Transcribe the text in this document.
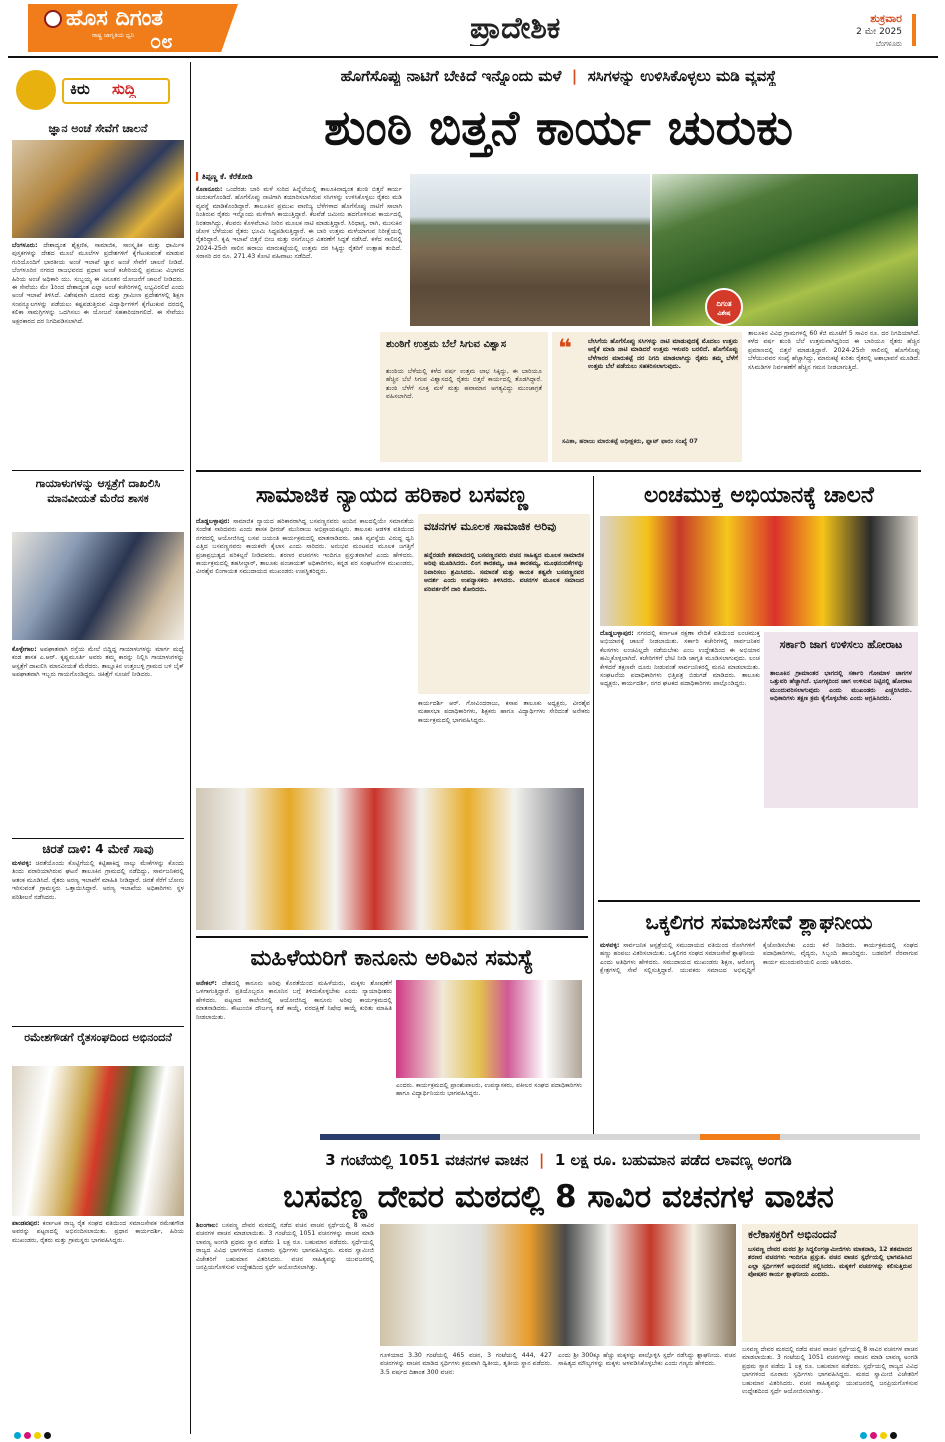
ಹೊಸ ದಿಗಂತ
ರಾಷ್ಟ್ರ ಜಾಗೃತಿಯ ಧ್ವನಿ ೦೮	ಪ್ರಾದೇಶಿಕ	ಶುಕ್ರವಾರ
2 ಮೇ 2025
ಬೆಂಗಳೂರು
ಕಿರು ಸುದ್ದಿ
ಜ್ಞಾನ ಅಂಚೆ ಸೇವೆಗೆ ಚಾಲನೆ
ಬೆಂಗಳೂರು: ದೇಶಾದ್ಯಂತ ಶೈಕ್ಷಣಿಕ, ಸಾಮಾಜಿಕ, ಸಾಂಸ್ಕೃತಿಕ ಮತ್ತು ಧಾರ್ಮಿಕ ಪುಸ್ತಕಗಳನ್ನು ದೇಶದ ಮೂಲೆ ಮೂಲೆಗಳ ಪ್ರದೇಶಗಳಿಗೆ ಕೈಗೆಟುಕುವಂತೆ ಮಾಡುವ ಗುರಿಯೊಂದಿಗೆ ಭಾರತೀಯ ಅಂಚೆ ಇಲಾಖೆ ಜ್ಞಾನ ಅಂಚೆ ಸೇವೆಗೆ ಚಾಲನೆ ನೀಡಿದೆ. ಬೆಂಗಳೂರಿನ ನಗರದ ರಾಜಭವನದ ಪ್ರಧಾನ ಅಂಚೆ ಕಚೇರಿಯಲ್ಲಿ ಪ್ರಮುಖ ವಿಭಾಗದ ಹಿರಿಯ ಅಂಚೆ ಅಧಿಕಾರಿ ಯು. ಸುಬ್ಬಯ್ಯ ಈ ವಿನೂತನ ಯೋಜನೆಗೆ ಚಾಲನೆ ನೀಡಿದರು. ಈ ಸೇವೆಯು ಮೇ 1ರಿಂದ ದೇಶಾದ್ಯಂತ ಎಲ್ಲಾ ಅಂಚೆ ಕಚೇರಿಗಳಲ್ಲಿ ಲಭ್ಯವಿರಲಿದೆ ಎಂದು ಅಂಚೆ ಇಲಾಖೆ ತಿಳಿಸಿದೆ. ವಿಶೇಷವಾಗಿ ದೂರದ ಮತ್ತು ಗ್ರಾಮೀಣ ಪ್ರದೇಶಗಳಲ್ಲಿ ಶಿಕ್ಷಣ ಸಂಪನ್ಮೂಲಗಳನ್ನು ಪಡೆಯಲು ಕಷ್ಟಪಡುತ್ತಿರುವ ವಿದ್ಯಾರ್ಥಿಗಳಿಗೆ ಕೈಗೆಟುಕುವ ದರದಲ್ಲಿ ಕಲಿಕಾ ಸಾಮಗ್ರಿಗಳನ್ನು ಒದಗಿಸಲು ಈ ಯೋಜನೆ ಸಹಕಾರಿಯಾಗಲಿದೆ. ಈ ಸೇವೆಯು ಅಕ್ಷರಕಾರದ ದರ ನಿಗದಿಪಡಿಸಲಾಗಿದೆ.
ಗಾಯಾಳುಗಳನ್ನು ಆಸ್ಪತ್ರೆಗೆ ದಾಖಲಿಸಿ ಮಾನವೀಯತೆ ಮೆರೆದ ಶಾಸಕ
ಕೊಳ್ಳೇಗಾಲ: ಅಪಘಾತವಾಗಿ ರಸ್ತೆಯ ಮೇಲೆ ಬಿದ್ದಿದ್ದ ಗಾಯಾಳುಗಳನ್ನು ಮಾರ್ಗ ಮಧ್ಯೆ ಕಂಡ ಶಾಸಕ ಎ.ಆರ್. ಕೃಷ್ಣಮೂರ್ತಿ ಅವರು ತಮ್ಮ ಕಾರನ್ನು ನಿಲ್ಲಿಸಿ ಗಾಯಾಳುಗಳನ್ನು ಆಸ್ಪತ್ರೆಗೆ ದಾಖಲಿಸಿ ಮಾನವೀಯತೆ ಮೆರೆದರು. ತಾಲ್ಲೂಕಿನ ಉತ್ತಂಬಳ್ಳಿ ಗ್ರಾಮದ ಬಳಿ ಬೈಕ್ ಅಪಘಾತವಾಗಿ ಇಬ್ಬರು ಗಾಯಗೊಂಡಿದ್ದರು. ಚಿಕಿತ್ಸೆಗೆ ಸೂಚನೆ ನೀಡಿದರು.
ಚಿರತೆ ದಾಳಿ: 4 ಮೇಕೆ ಸಾವು
ಮಳವಳ್ಳಿ: ಚಿರತೆಯೊಂದು ಕೊಟ್ಟಿಗೆಯಲ್ಲಿ ಕಟ್ಟಿಹಾಕಿದ್ದ ನಾಲ್ಕು ಮೇಕೆಗಳನ್ನು ಕೊಂದು ತಿಂದು ಪರಾರಿಯಾಗಿರುವ ಘಟನೆ ತಾಲೂಕಿನ ಗ್ರಾಮದಲ್ಲಿ ನಡೆದಿದ್ದು, ಸಾರ್ವಜನಿಕರಲ್ಲಿ ಆತಂಕ ಮೂಡಿಸಿದೆ. ರೈತರು ಅರಣ್ಯ ಇಲಾಖೆಗೆ ಮಾಹಿತಿ ನೀಡಿದ್ದಾರೆ. ಚಿರತೆ ಸೆರೆಗೆ ಬೋನು ಇರಿಸುವಂತೆ ಗ್ರಾಮಸ್ಥರು ಒತ್ತಾಯಿಸಿದ್ದಾರೆ. ಅರಣ್ಯ ಇಲಾಖೆಯ ಅಧಿಕಾರಿಗಳು ಸ್ಥಳ ಪರಿಶೀಲನೆ ನಡೆಸಿದರು.
ರಮೇಶಗೌಡಗೆ ರೈತಸಂಘದಿಂದ ಅಭಿನಂದನೆ
ಪಾಂಡವಪುರ: ಕರ್ನಾಟಕ ರಾಜ್ಯ ರೈತ ಸಂಘದ ವತಿಯಿಂದ ಸಮಾಜಸೇವಕ ರಮೇಶಗೌಡ ಅವರನ್ನು ಪಟ್ಟಣದಲ್ಲಿ ಅಭಿನಂದಿಸಲಾಯಿತು. ಪ್ರಧಾನ ಕಾರ್ಯದರ್ಶಿ, ಹಿರಿಯ ಮುಖಂಡರು, ರೈತರು ಮತ್ತು ಗ್ರಾಮಸ್ಥರು ಭಾಗವಹಿಸಿದ್ದರು.
ಹೊಗೆಸೊಪ್ಪು ನಾಟಿಗೆ ಬೇಕಿದೆ ಇನ್ನೊಂದು ಮಳೆ  |  ಸಸಿಗಳನ್ನು ಉಳಿಸಿಕೊಳ್ಳಲು ಮಡಿ ವ್ಯವಸ್ಥೆ
ಶುಂಠಿ ಬಿತ್ತನೆ ಕಾರ್ಯ ಚುರುಕು
▍ತಿಪ್ಪಣ್ಣ ಕೆ. ಕೆರೆಕೋಡಿ
ಕೊಣನೂರು: ಒಂದೆರಡು ಬಾರಿ ಮಳೆ ಸುರಿದ ಹಿನ್ನೆಲೆಯಲ್ಲಿ ತಾಲೂಕಿನಾದ್ಯಂತ ಶುಂಠಿ ಬಿತ್ತನೆ ಕಾರ್ಯ ಚುರುಕುಗೊಂಡಿದೆ. ಹೊಗೆಸೊಪ್ಪು ನಾಟಿಗಾಗಿ ತಯಾರಿಸಲಾಗಿರುವ ಸಸಿಗಳನ್ನು ಉಳಿಸಿಕೊಳ್ಳಲು ರೈತರು ಮಡಿ ವ್ಯವಸ್ಥೆ ಮಾಡಿಕೊಂಡಿದ್ದಾರೆ. ತಾಲೂಕಿನ ಪ್ರಮುಖ ವಾಣಿಜ್ಯ ಬೆಳೆಗಳಾದ ಹೊಗೆಸೊಪ್ಪು ನಾಟಿಗೆ ಸಾಲಾಗಿ ನಿಂತಿರುವ ರೈತರು ಇನ್ನೊಂದು ಮಳೆಗಾಗಿ ಕಾಯುತ್ತಿದ್ದಾರೆ. ಕೆಲವೆಡೆ ಜಮೀನು ಹದಗೊಳಿಸುವ ಕಾರ್ಯದಲ್ಲಿ ನಿರತರಾಗಿದ್ದು, ಕೆಲವರು ಕೊಳವೆಬಾವಿ ನೀರಿನ ಮೂಲಕ ನಾಟಿ ಮಾಡುತ್ತಿದ್ದಾರೆ. ಸಿರಿಧಾನ್ಯ, ರಾಗಿ, ಮುಸುಕಿನ ಜೋಳ ಬೆಳೆಯುವ ರೈತರು ಭೂಮಿ ಸಿದ್ಧಪಡಿಸುತ್ತಿದ್ದಾರೆ. ಈ ಬಾರಿ ಉತ್ತಮ ಮಳೆಯಾಗುವ ನಿರೀಕ್ಷೆಯಲ್ಲಿ ರೈತರಿದ್ದಾರೆ. ಕೃಷಿ ಇಲಾಖೆ ಬಿತ್ತನೆ ಬೀಜ ಮತ್ತು ರಸಗೊಬ್ಬರ ವಿತರಣೆಗೆ ಸಿದ್ಧತೆ ನಡೆಸಿದೆ. ಕಳೆದ ಸಾಲಿನಲ್ಲಿ 2024-25ನೇ ಸಾಲಿನ ಹರಾಜು ಮಾರುಕಟ್ಟೆಯಲ್ಲಿ ಉತ್ತಮ ದರ ಸಿಕ್ಕಿದ್ದು ರೈತರಿಗೆ ಉತ್ಸಾಹ ತಂದಿದೆ. ಸರಾಸರಿ ದರ ರೂ. 271.43 ಕೋಟಿ ವಹಿವಾಟು ನಡೆದಿದೆ.
ದಿಗಂತ
ವಿಶೇಷ
ಶುಂಠಿಗೆ ಉತ್ತಮ ಬೆಲೆ ಸಿಗುವ ವಿಶ್ವಾಸ
ಶುಂಠಿಯ ಬೆಳೆಯಲ್ಲಿ ಕಳೆದ ವರ್ಷ ಉತ್ತಮ ಲಾಭ ಸಿಕ್ಕಿದ್ದು, ಈ ಬಾರಿಯೂ ಹೆಚ್ಚಿನ ಬೆಲೆ ಸಿಗುವ ವಿಶ್ವಾಸದಲ್ಲಿ ರೈತರು ಬಿತ್ತನೆ ಕಾರ್ಯದಲ್ಲಿ ತೊಡಗಿದ್ದಾರೆ. ಶುಂಠಿ ಬೆಳೆಗೆ ಸೂಕ್ತ ಮಳೆ ಮತ್ತು ಹವಾಮಾನ ಅಗತ್ಯವಿದ್ದು ಮುಂಜಾಗ್ರತೆ ವಹಿಸಲಾಗಿದೆ.
❝	ಬೇಸಿಗೆಯ ಹೊಗೆಸೊಪ್ಪು ಸಸಿಗಳನ್ನು ನಾಟಿ ಮಾಡುವುದಕ್ಕೆ ಮೊದಲು ಉತ್ತಮ ಆರೈಕೆ ಮಾಡಿ ನಾಟಿ ಮಾಡಿದರೆ ಉತ್ತಮ ಇಳುವರಿ ಬರಲಿದೆ. ಹೊಗೆಸೊಪ್ಪು ಬೆಳೆಗಾರರ ಮಾರುಕಟ್ಟೆ ದರ ನಿಗದಿ ಮಾಡಲಾಗಿದ್ದು ರೈತರು ತಮ್ಮ ಬೆಳೆಗೆ ಉತ್ತಮ ಬೆಲೆ ಪಡೆಯಲು ಸಹಕರಿಸಲಾಗುವುದು.
ಸವಿತಾ, ಹರಾಜು ಮಾರುಕಟ್ಟೆ ಅಧೀಕ್ಷಕರು, ಫ್ಲಾಟ್ ಫಾರಂ ಸಂಖ್ಯೆ 07
ತಾಲೂಕಿನ ವಿವಿಧ ಗ್ರಾಮಗಳಲ್ಲಿ 60 ಕೆಜಿ ಮೂಟೆಗೆ 5 ಸಾವಿರ ರೂ. ದರ ನಿಗದಿಯಾಗಿದೆ. ಕಳೆದ ವರ್ಷ ಶುಂಠಿ ಬೆಲೆ ಉತ್ತಮವಾಗಿದ್ದರಿಂದ ಈ ಬಾರಿಯೂ ರೈತರು ಹೆಚ್ಚಿನ ಪ್ರಮಾಣದಲ್ಲಿ ಬಿತ್ತನೆ ಮಾಡುತ್ತಿದ್ದಾರೆ. 2024-25ನೇ ಸಾಲಿನಲ್ಲಿ ಹೊಗೆಸೊಪ್ಪು ಬೆಳೆಯುವವರ ಸಂಖ್ಯೆ ಹೆಚ್ಚಾಗಿದ್ದು, ಮಾರುಕಟ್ಟೆ ಕುರಿತು ರೈತರಲ್ಲಿ ಆಶಾಭಾವನೆ ಮೂಡಿದೆ. ಸಸಿಮಡಿಗಳ ನಿರ್ವಹಣೆಗೆ ಹೆಚ್ಚಿನ ಗಮನ ನೀಡಲಾಗುತ್ತಿದೆ.
ಸಾಮಾಜಿಕ ನ್ಯಾಯದ ಹರಿಕಾರ ಬಸವಣ್ಣ
ದೊಡ್ಡಬಳ್ಳಾಪುರ: ಸಾಮಾಜಿಕ ನ್ಯಾಯದ ಹರಿಕಾರರಾಗಿದ್ದ ಬಸವಣ್ಣನವರು ಅಂದಿನ ಕಾಲದಲ್ಲಿಯೇ ಸಮಾನತೆಯ ಸಂದೇಶ ಸಾರಿದವರು ಎಂದು ಶಾಸಕ ಧೀರಜ್ ಮುನಿರಾಜು ಅಭಿಪ್ರಾಯಪಟ್ಟರು. ತಾಲೂಕು ಆಡಳಿತ ವತಿಯಿಂದ ನಗರದಲ್ಲಿ ಆಯೋಜಿಸಿದ್ದ ಬಸವ ಜಯಂತಿ ಕಾರ್ಯಕ್ರಮದಲ್ಲಿ ಮಾತನಾಡಿದರು. ಜಾತಿ ವ್ಯವಸ್ಥೆಯ ವಿರುದ್ಧ ಧ್ವನಿ ಎತ್ತಿದ ಬಸವಣ್ಣನವರು ಕಾಯಕವೇ ಕೈಲಾಸ ಎಂದು ಸಾರಿದರು. ಅನುಭವ ಮಂಟಪದ ಮೂಲಕ ಜಗತ್ತಿಗೆ ಪ್ರಜಾಪ್ರಭುತ್ವದ ಪರಿಕಲ್ಪನೆ ನೀಡಿದವರು. ಶರಣರ ವಚನಗಳು ಇಂದಿಗೂ ಪ್ರಸ್ತುತವಾಗಿವೆ ಎಂದು ಹೇಳಿದರು. ಕಾರ್ಯಕ್ರಮದಲ್ಲಿ ತಹಸೀಲ್ದಾರ್, ತಾಲೂಕು ಪಂಚಾಯತ್ ಅಧಿಕಾರಿಗಳು, ಕನ್ನಡ ಪರ ಸಂಘಟನೆಗಳ ಮುಖಂಡರು, ವೀರಶೈವ ಲಿಂಗಾಯತ ಸಮುದಾಯದ ಮುಖಂಡರು ಉಪಸ್ಥಿತರಿದ್ದರು.
ವಚನಗಳ ಮೂಲಕ ಸಾಮಾಜಿಕ ಅರಿವು
ಹನ್ನೆರಡನೇ ಶತಮಾನದಲ್ಲಿ ಬಸವಣ್ಣನವರು ವಚನ ಸಾಹಿತ್ಯದ ಮೂಲಕ ಸಾಮಾಜಿಕ ಅರಿವು ಮೂಡಿಸಿದರು. ಲಿಂಗ ತಾರತಮ್ಯ, ಜಾತಿ ತಾರತಮ್ಯ, ಮೂಢನಂಬಿಕೆಗಳನ್ನು ನಿವಾರಿಸಲು ಶ್ರಮಿಸಿದರು. ಸಮಾನತೆ ಮತ್ತು ಕಾಯಕ ತತ್ವವೇ ಬಸವಣ್ಣನವರ ಆದರ್ಶ ಎಂದು ಉಪನ್ಯಾಸಕರು ತಿಳಿಸಿದರು. ವಚನಗಳ ಮೂಲಕ ಸಮಾಜದ ಪರಿವರ್ತನೆಗೆ ದಾರಿ ತೋರಿದರು.
ಕಾರ್ಯದರ್ಶಿ ಆರ್. ಗೋವಿಂದರಾಜು, ಕಸಾಪ ತಾಲೂಕು ಅಧ್ಯಕ್ಷರು, ವೀರಶೈವ ಮಹಾಸಭಾ ಪದಾಧಿಕಾರಿಗಳು, ಶಿಕ್ಷಕರು ಹಾಗೂ ವಿದ್ಯಾರ್ಥಿಗಳು ಸೇರಿದಂತೆ ಅನೇಕರು ಕಾರ್ಯಕ್ರಮದಲ್ಲಿ ಭಾಗವಹಿಸಿದ್ದರು.
ಲಂಚಮುಕ್ತ ಅಭಿಯಾನಕ್ಕೆ ಚಾಲನೆ
ದೊಡ್ಡಬಳ್ಳಾಪುರ: ನಗರದಲ್ಲಿ ಕರ್ನಾಟಕ ರಕ್ಷಣಾ ವೇದಿಕೆ ವತಿಯಿಂದ ಲಂಚಮುಕ್ತ ಅಭಿಯಾನಕ್ಕೆ ಚಾಲನೆ ನೀಡಲಾಯಿತು. ಸರ್ಕಾರಿ ಕಚೇರಿಗಳಲ್ಲಿ ಸಾರ್ವಜನಿಕರ ಕೆಲಸಗಳು ಲಂಚವಿಲ್ಲದೇ ನಡೆಯಬೇಕು ಎಂಬ ಉದ್ದೇಶದಿಂದ ಈ ಅಭಿಯಾನ ಹಮ್ಮಿಕೊಳ್ಳಲಾಗಿದೆ. ಕಚೇರಿಗಳಿಗೆ ಭೇಟಿ ನೀಡಿ ಜಾಗೃತಿ ಮೂಡಿಸಲಾಗುವುದು. ಲಂಚ ಕೇಳಿದರೆ ತಕ್ಷಣವೇ ದೂರು ನೀಡುವಂತೆ ಸಾರ್ವಜನಿಕರಲ್ಲಿ ಮನವಿ ಮಾಡಲಾಯಿತು. ಸಂಘಟನೆಯ ಪದಾಧಿಕಾರಿಗಳು ಭಿತ್ತಿಪತ್ರ ಬಿಡುಗಡೆ ಮಾಡಿದರು. ತಾಲೂಕು ಅಧ್ಯಕ್ಷರು, ಕಾರ್ಯದರ್ಶಿ, ನಗರ ಘಟಕದ ಪದಾಧಿಕಾರಿಗಳು ಪಾಲ್ಗೊಂಡಿದ್ದರು.
ಸರ್ಕಾರಿ ಜಾಗ ಉಳಿಸಲು ಹೋರಾಟ
ತಾಲೂಕಿನ ಗ್ರಾಮಾಂತರ ಭಾಗದಲ್ಲಿ ಸರ್ಕಾರಿ ಗೋಮಾಳ ಜಾಗಗಳ ಒತ್ತುವರಿ ಹೆಚ್ಚಾಗಿದೆ. ಭೂಗಳ್ಳರಿಂದ ಜಾಗ ಉಳಿಸುವ ನಿಟ್ಟಿನಲ್ಲಿ ಹೋರಾಟ ಮುಂದುವರಿಸಲಾಗುವುದು ಎಂದು ಮುಖಂಡರು ಎಚ್ಚರಿಸಿದರು. ಅಧಿಕಾರಿಗಳು ತಕ್ಷಣ ಕ್ರಮ ಕೈಗೊಳ್ಳಬೇಕು ಎಂದು ಆಗ್ರಹಿಸಿದರು.
ಒಕ್ಕಲಿಗರ ಸಮಾಜಸೇವೆ ಶ್ಲಾಘನೀಯ
ಮಳವಳ್ಳಿ: ಸಾರ್ವಜನಿಕ ಆಸ್ಪತ್ರೆಯಲ್ಲಿ ಸಮುದಾಯದ ವತಿಯಿಂದ ರೋಗಿಗಳಿಗೆ ಹಣ್ಣು ಹಂಪಲು ವಿತರಿಸಲಾಯಿತು. ಒಕ್ಕಲಿಗರ ಸಂಘದ ಸಮಾಜಸೇವೆ ಶ್ಲಾಘನೀಯ ಎಂದು ಅತಿಥಿಗಳು ಹೇಳಿದರು. ಸಮುದಾಯದ ಮುಖಂಡರು ಶಿಕ್ಷಣ, ಆರೋಗ್ಯ ಕ್ಷೇತ್ರಗಳಲ್ಲಿ ಸೇವೆ ಸಲ್ಲಿಸುತ್ತಿದ್ದಾರೆ. ಯುವಕರು ಸಮಾಜದ ಅಭಿವೃದ್ಧಿಗೆ ಕೈಜೋಡಿಸಬೇಕು ಎಂದು ಕರೆ ನೀಡಿದರು. ಕಾರ್ಯಕ್ರಮದಲ್ಲಿ ಸಂಘದ ಪದಾಧಿಕಾರಿಗಳು, ವೈದ್ಯರು, ಸಿಬ್ಬಂದಿ ಹಾಜರಿದ್ದರು. ಬಡವರಿಗೆ ನೆರವಾಗುವ ಕಾರ್ಯ ಮುಂದುವರಿಯಲಿ ಎಂದು ಆಶಿಸಿದರು.
ಮಹಿಳೆಯರಿಗೆ ಕಾನೂನು ಅರಿವಿನ ಸಮಸ್ಯೆ
ಆನೇಕಲ್: ದೇಶದಲ್ಲಿ ಕಾನೂನು ಅರಿವು ಕೊರತೆಯಿಂದ ಮಹಿಳೆಯರು, ಮಕ್ಕಳು ಶೋಷಣೆಗೆ ಒಳಗಾಗುತ್ತಿದ್ದಾರೆ. ಪ್ರತಿಯೊಬ್ಬರೂ ಕಾನೂನಿನ ಬಗ್ಗೆ ತಿಳಿದುಕೊಳ್ಳಬೇಕು ಎಂದು ನ್ಯಾಯಾಧೀಶರು ಹೇಳಿದರು. ಪಟ್ಟಣದ ಕಾಲೇಜಿನಲ್ಲಿ ಆಯೋಜಿಸಿದ್ದ ಕಾನೂನು ಅರಿವು ಕಾರ್ಯಕ್ರಮದಲ್ಲಿ ಮಾತನಾಡಿದರು. ಕೌಟುಂಬಿಕ ದೌರ್ಜನ್ಯ ತಡೆ ಕಾಯ್ದೆ, ವರದಕ್ಷಿಣೆ ನಿಷೇಧ ಕಾಯ್ದೆ ಕುರಿತು ಮಾಹಿತಿ ನೀಡಲಾಯಿತು.
ಎಂದರು. ಕಾರ್ಯಕ್ರಮದಲ್ಲಿ ಪ್ರಾಂಶುಪಾಲರು, ಉಪನ್ಯಾಸಕರು, ವಕೀಲರ ಸಂಘದ ಪದಾಧಿಕಾರಿಗಳು ಹಾಗೂ ವಿದ್ಯಾರ್ಥಿನಿಯರು ಭಾಗವಹಿಸಿದ್ದರು.
3 ಗಂಟೆಯಲ್ಲಿ 1051 ವಚನಗಳ ವಾಚನ  |  1 ಲಕ್ಷ ರೂ. ಬಹುಮಾನ ಪಡೆದ ಲಾವಣ್ಯ ಅಂಗಡಿ
ಬಸವಣ್ಣ ದೇವರ ಮಠದಲ್ಲಿ 8 ಸಾವಿರ ವಚನಗಳ ವಾಚನ
ಶಿಲಂಗಾಲ: ಬಸವಣ್ಣ ದೇವರ ಮಠದಲ್ಲಿ ನಡೆದ ವಚನ ವಾಚನ ಸ್ಪರ್ಧೆಯಲ್ಲಿ 8 ಸಾವಿರ ವಚನಗಳ ವಾಚನ ಮಾಡಲಾಯಿತು. 3 ಗಂಟೆಯಲ್ಲಿ 1051 ವಚನಗಳನ್ನು ವಾಚನ ಮಾಡಿ ಲಾವಣ್ಯ ಅಂಗಡಿ ಪ್ರಥಮ ಸ್ಥಾನ ಪಡೆದು 1 ಲಕ್ಷ ರೂ. ಬಹುಮಾನ ಪಡೆದರು. ಸ್ಪರ್ಧೆಯಲ್ಲಿ ರಾಜ್ಯದ ವಿವಿಧ ಭಾಗಗಳಿಂದ ನೂರಾರು ಸ್ಪರ್ಧಿಗಳು ಭಾಗವಹಿಸಿದ್ದರು. ಮಠದ ಸ್ವಾಮೀಜಿ ವಿಜೇತರಿಗೆ ಬಹುಮಾನ ವಿತರಿಸಿದರು. ವಚನ ಸಾಹಿತ್ಯವನ್ನು ಯುವಜನರಲ್ಲಿ ಜನಪ್ರಿಯಗೊಳಿಸುವ ಉದ್ದೇಶದಿಂದ ಸ್ಪರ್ಧೆ ಆಯೋಜಿಸಲಾಗಿತ್ತು.
ಗೂಳಿಯಾದ 3.30 ಗಂಟೆಯಲ್ಲಿ 465 ವಚನ, 3 ಗಂಟೆಯಲ್ಲಿ 444, 427 ವಚನಗಳನ್ನು ವಾಚನ ಮಾಡಿದ ಸ್ಪರ್ಧಿಗಳು ಕ್ರಮವಾಗಿ ದ್ವಿತೀಯ, ತೃತೀಯ ಸ್ಥಾನ ಪಡೆದರು. 3.5 ವರ್ಷದ ದಿಶಾಂತ 300 ವಚನ:
ಎಂದು ಶ್ರೀ 300ಕ್ಕೂ ಹೆಚ್ಚು ಮಕ್ಕಳನ್ನು ಪಾಲ್ಗೊಳ್ಳಿಸಿ ಸ್ಪರ್ಧೆ ನಡೆಸಿದ್ದು ಶ್ಲಾಘನೀಯ. ವಚನ ಸಾಹಿತ್ಯದ ಮೌಲ್ಯಗಳನ್ನು ಮಕ್ಕಳು ಅಳವಡಿಸಿಕೊಳ್ಳಬೇಕು ಎಂದು ಗಣ್ಯರು ಹೇಳಿದರು.
ಕಲೆಕಾಸಕ್ತರಿಗೆ ಅಭಿನಂದನೆ
ಬಸವಣ್ಣ ದೇವರ ಮಠದ ಶ್ರೀ ಸಿದ್ಧಲಿಂಗಸ್ವಾಮೀಜಿಗಳು ಮಾತನಾಡಿ, 12 ಶತಮಾನದ ಶರಣರ ವಚನಗಳು ಇಂದಿಗೂ ಪ್ರಸ್ತುತ. ವಚನ ವಾಚನ ಸ್ಪರ್ಧೆಯಲ್ಲಿ ಭಾಗವಹಿಸಿದ ಎಲ್ಲಾ ಸ್ಪರ್ಧಿಗಳಿಗೆ ಅಭಿನಂದನೆ ಸಲ್ಲಿಸಿದರು. ಮಕ್ಕಳಿಗೆ ವಚನಗಳನ್ನು ಕಲಿಸುತ್ತಿರುವ ಪೋಷಕರ ಕಾರ್ಯ ಶ್ಲಾಘನೀಯ ಎಂದರು.
ಬಸವಣ್ಣ ದೇವರ ಮಠದಲ್ಲಿ ನಡೆದ ವಚನ ವಾಚನ ಸ್ಪರ್ಧೆಯಲ್ಲಿ 8 ಸಾವಿರ ವಚನಗಳ ವಾಚನ ಮಾಡಲಾಯಿತು. 3 ಗಂಟೆಯಲ್ಲಿ 1051 ವಚನಗಳನ್ನು ವಾಚನ ಮಾಡಿ ಲಾವಣ್ಯ ಅಂಗಡಿ ಪ್ರಥಮ ಸ್ಥಾನ ಪಡೆದು 1 ಲಕ್ಷ ರೂ. ಬಹುಮಾನ ಪಡೆದರು. ಸ್ಪರ್ಧೆಯಲ್ಲಿ ರಾಜ್ಯದ ವಿವಿಧ ಭಾಗಗಳಿಂದ ನೂರಾರು ಸ್ಪರ್ಧಿಗಳು ಭಾಗವಹಿಸಿದ್ದರು. ಮಠದ ಸ್ವಾಮೀಜಿ ವಿಜೇತರಿಗೆ ಬಹುಮಾನ ವಿತರಿಸಿದರು. ವಚನ ಸಾಹಿತ್ಯವನ್ನು ಯುವಜನರಲ್ಲಿ ಜನಪ್ರಿಯಗೊಳಿಸುವ ಉದ್ದೇಶದಿಂದ ಸ್ಪರ್ಧೆ ಆಯೋಜಿಸಲಾಗಿತ್ತು.
